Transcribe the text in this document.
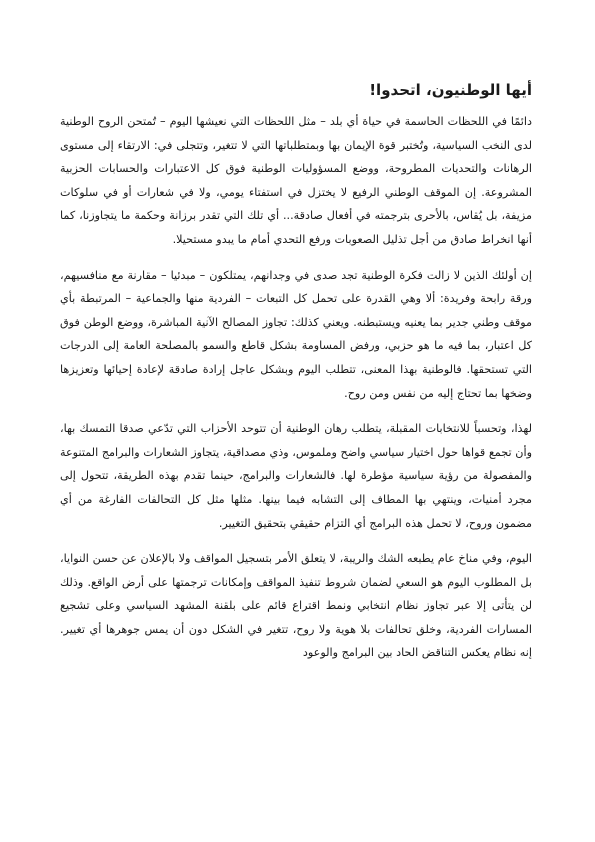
أيها الوطنيون، اتحدوا!

دائمًا في اللحظات الحاسمة في حياة أي بلد – مثل اللحظات التي نعيشها اليوم – تُمتحن الروح الوطنية لدى النخب السياسية، وتُختبر قوة الإيمان بها وبمتطلباتها التي لا تتغير، وتتجلى في: الارتقاء إلى مستوى الرهانات والتحديات المطروحة، ووضع المسؤوليات الوطنية فوق كل الاعتبارات والحسابات الحزبية المشروعة. إن الموقف الوطني الرفيع لا يختزل في استفتاء يومي، ولا في شعارات أو في سلوكات مزيفة، بل يُقاس، بالأحرى بترجمته في أفعال صادقة... أي تلك التي تقدر برزانة وحكمة ما يتجاوزنا، كما أنها انخراط صادق من أجل تذليل الصعوبات ورفع التحدي أمام ما يبدو مستحيلا.

إن أولئك الذين لا زالت فكرة الوطنية تجد صدى في وجدانهم، يمتلكون – مبدئيا – مقارنة مع منافسيهم، ورقة رابحة وفريدة: ألا وهي القدرة على تحمل كل التبعات – الفردية منها والجماعية – المرتبطة بأي موقف وطني جدير بما يعنيه ويستبطنه. ويعني كذلك: تجاوز المصالح الآنية المباشرة، ووضع الوطن فوق كل اعتبار، بما فيه ما هو حزبي، ورفض المساومة بشكل قاطع والسمو بالمصلحة العامة إلى الدرجات التي تستحقها. فالوطنية بهذا المعنى، تتطلب اليوم وبشكل عاجل إرادة صادقة لإعادة إحيائها وتعزيزها وضخها بما تحتاج إليه من نفس ومن روح.

لهذا، وتحسباً للانتخابات المقبلة، يتطلب رهان الوطنية أن تتوحد الأحزاب التي تدّعي صدقا التمسك بها، وأن تجمع قواها حول اختيار سياسي واضح وملموس، وذي مصداقية، يتجاوز الشعارات والبرامج المتنوعة والمفصولة من رؤية سياسية مؤطرة لها. فالشعارات والبرامج، حينما تقدم بهذه الطريقة، تتحول إلى مجرد أمنيات، وينتهي بها المطاف إلى التشابه فيما بينها. مثلها مثل كل التحالفات الفارغة من أي مضمون وروح، لا تحمل هذه البرامج أي التزام حقيقي بتحقيق التغيير.

اليوم، وفي مناخ عام يطبعه الشك والريبة، لا يتعلق الأمر بتسجيل المواقف ولا بالإعلان عن حسن النوايا، بل المطلوب اليوم هو السعي لضمان شروط تنفيذ المواقف وإمكانات ترجمتها على أرض الواقع. وذلك لن يتأتى إلا عبر تجاوز نظام انتخابي ونمط اقتراع قائم على بلقنة المشهد السياسي وعلى تشجيع المسارات الفردية، وخلق تحالفات بلا هوية ولا روح، تتغير في الشكل دون أن يمس جوهرها أي تغيير. إنه نظام يعكس التناقض الحاد بين البرامج والوعود
